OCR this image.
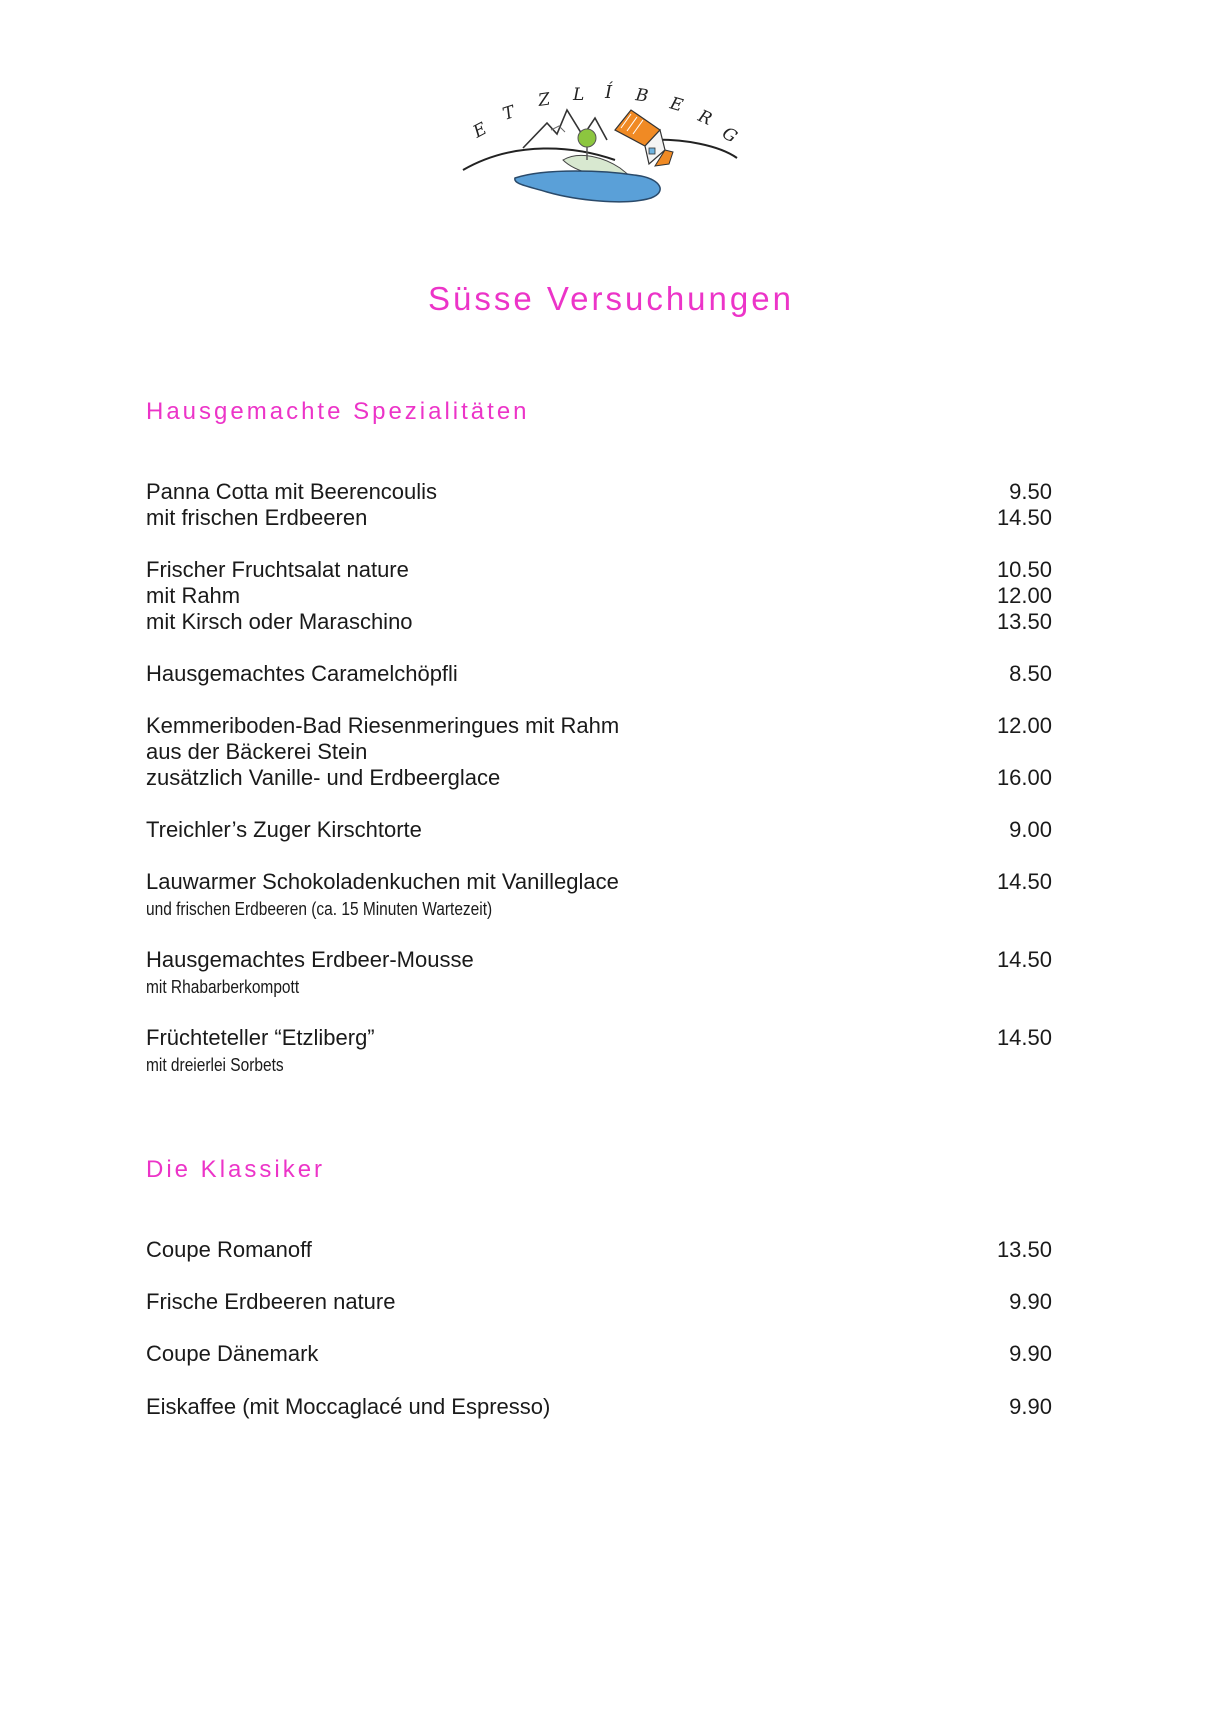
E
T
Z L Í B E
R
G
Süsse Versuchungen
Hausgemachte Spezialitäten
Panna Cotta mit Beerencoulis	9.50
mit frischen Erdbeeren	14.50
Frischer Fruchtsalat nature	10.50
mit Rahm	12.00
mit Kirsch oder Maraschino	13.50
Hausgemachtes Caramelchöpfli	8.50
Kemmeriboden-Bad Riesenmeringues mit Rahm	12.00
aus der Bäckerei Stein
zusätzlich Vanille- und Erdbeerglace	16.00
Treichler’s Zuger Kirschtorte	9.00
Lauwarmer Schokoladenkuchen mit Vanilleglace	14.50
und frischen Erdbeeren (ca. 15 Minuten Wartezeit)
Hausgemachtes Erdbeer-Mousse	14.50
mit Rhabarberkompott
Früchteteller “Etzliberg”	14.50
mit dreierlei Sorbets
Die Klassiker
Coupe Romanoff	13.50
Frische Erdbeeren nature	9.90
Coupe Dänemark	9.90
Eiskaffee (mit Moccaglacé und Espresso)	9.90
